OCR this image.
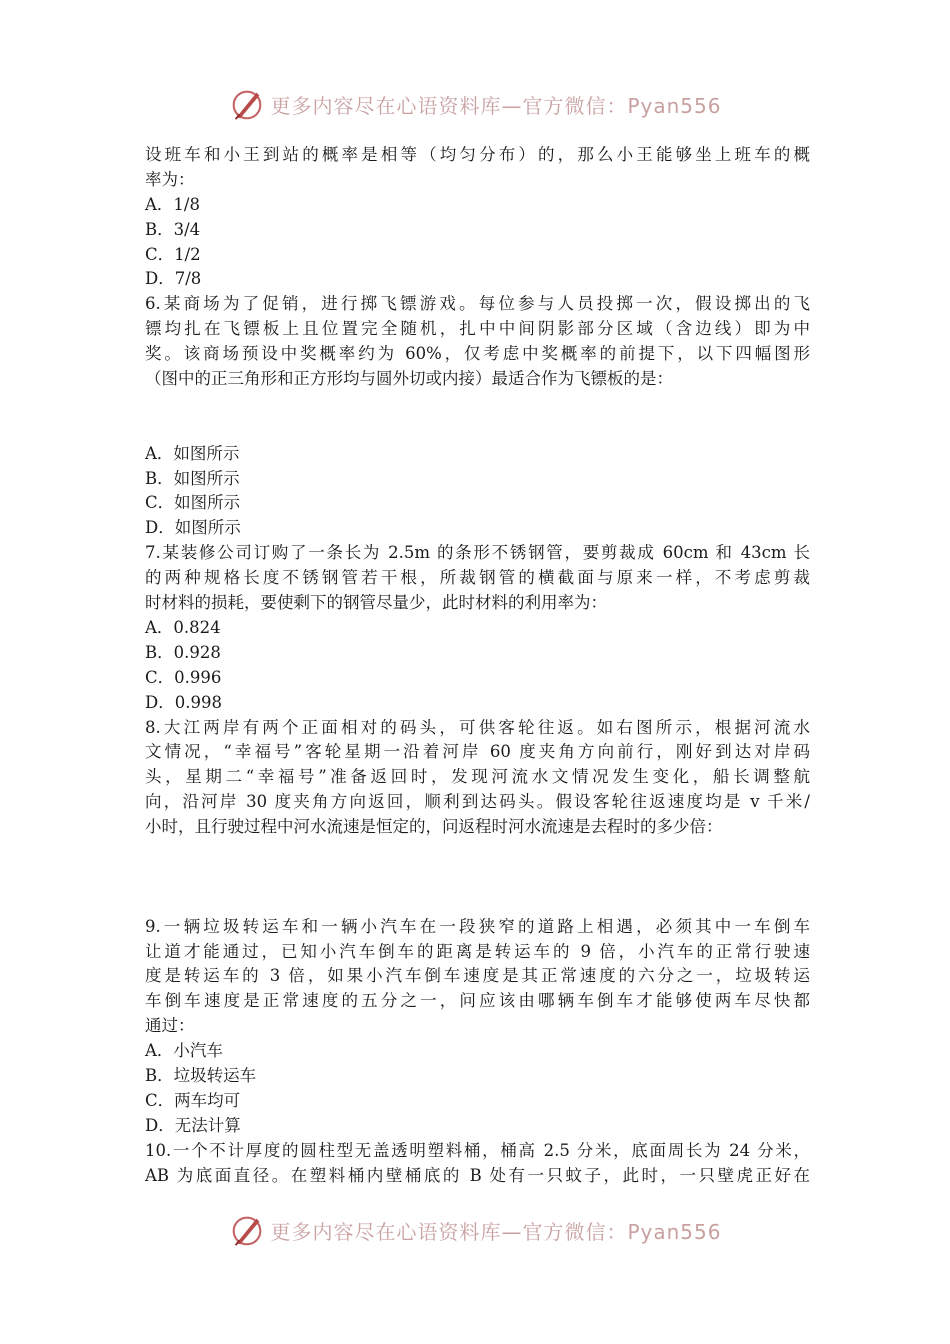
更多内容尽在心语资料库—官方微信：Pyan556
设班车和小王到站的概率是相等（均匀分布）的，那么小王能够坐上班车的概
率为：
A．1/8
B．3/4
C．1/2
D．7/8
6.某商场为了促销，进行掷飞镖游戏。每位参与人员投掷一次，假设掷出的飞
镖均扎在飞镖板上且位置完全随机，扎中中间阴影部分区域（含边线）即为中
奖。该商场预设中奖概率约为 60%，仅考虑中奖概率的前提下，以下四幅图形
（图中的正三角形和正方形均与圆外切或内接）最适合作为飞镖板的是：
A．如图所示
B．如图所示
C．如图所示
D．如图所示
7.某装修公司订购了一条长为 2.5m 的条形不锈钢管，要剪裁成 60cm 和 43cm 长
的两种规格长度不锈钢管若干根，所裁钢管的横截面与原来一样，不考虑剪裁
时材料的损耗，要使剩下的钢管尽量少，此时材料的利用率为：
A．0.824
B．0.928
C．0.996
D．0.998
8.大江两岸有两个正面相对的码头，可供客轮往返。如右图所示，根据河流水
文情况，“幸福号”客轮星期一沿着河岸 60 度夹角方向前行，刚好到达对岸码
头，星期二“幸福号”准备返回时，发现河流水文情况发生变化，船长调整航
向，沿河岸 30 度夹角方向返回，顺利到达码头。假设客轮往返速度均是 v 千米/
小时，且行驶过程中河水流速是恒定的，问返程时河水流速是去程时的多少倍：
9.一辆垃圾转运车和一辆小汽车在一段狭窄的道路上相遇，必须其中一车倒车
让道才能通过，已知小汽车倒车的距离是转运车的 9 倍，小汽车的正常行驶速
度是转运车的 3 倍，如果小汽车倒车速度是其正常速度的六分之一，垃圾转运
车倒车速度是正常速度的五分之一，问应该由哪辆车倒车才能够使两车尽快都
通过：
A．小汽车
B．垃圾转运车
C．两车均可
D．无法计算
10.一个不计厚度的圆柱型无盖透明塑料桶，桶高 2.5 分米，底面周长为 24 分米，
AB 为底面直径。在塑料桶内壁桶底的 B 处有一只蚊子，此时，一只壁虎正好在
更多内容尽在心语资料库—官方微信：Pyan556
